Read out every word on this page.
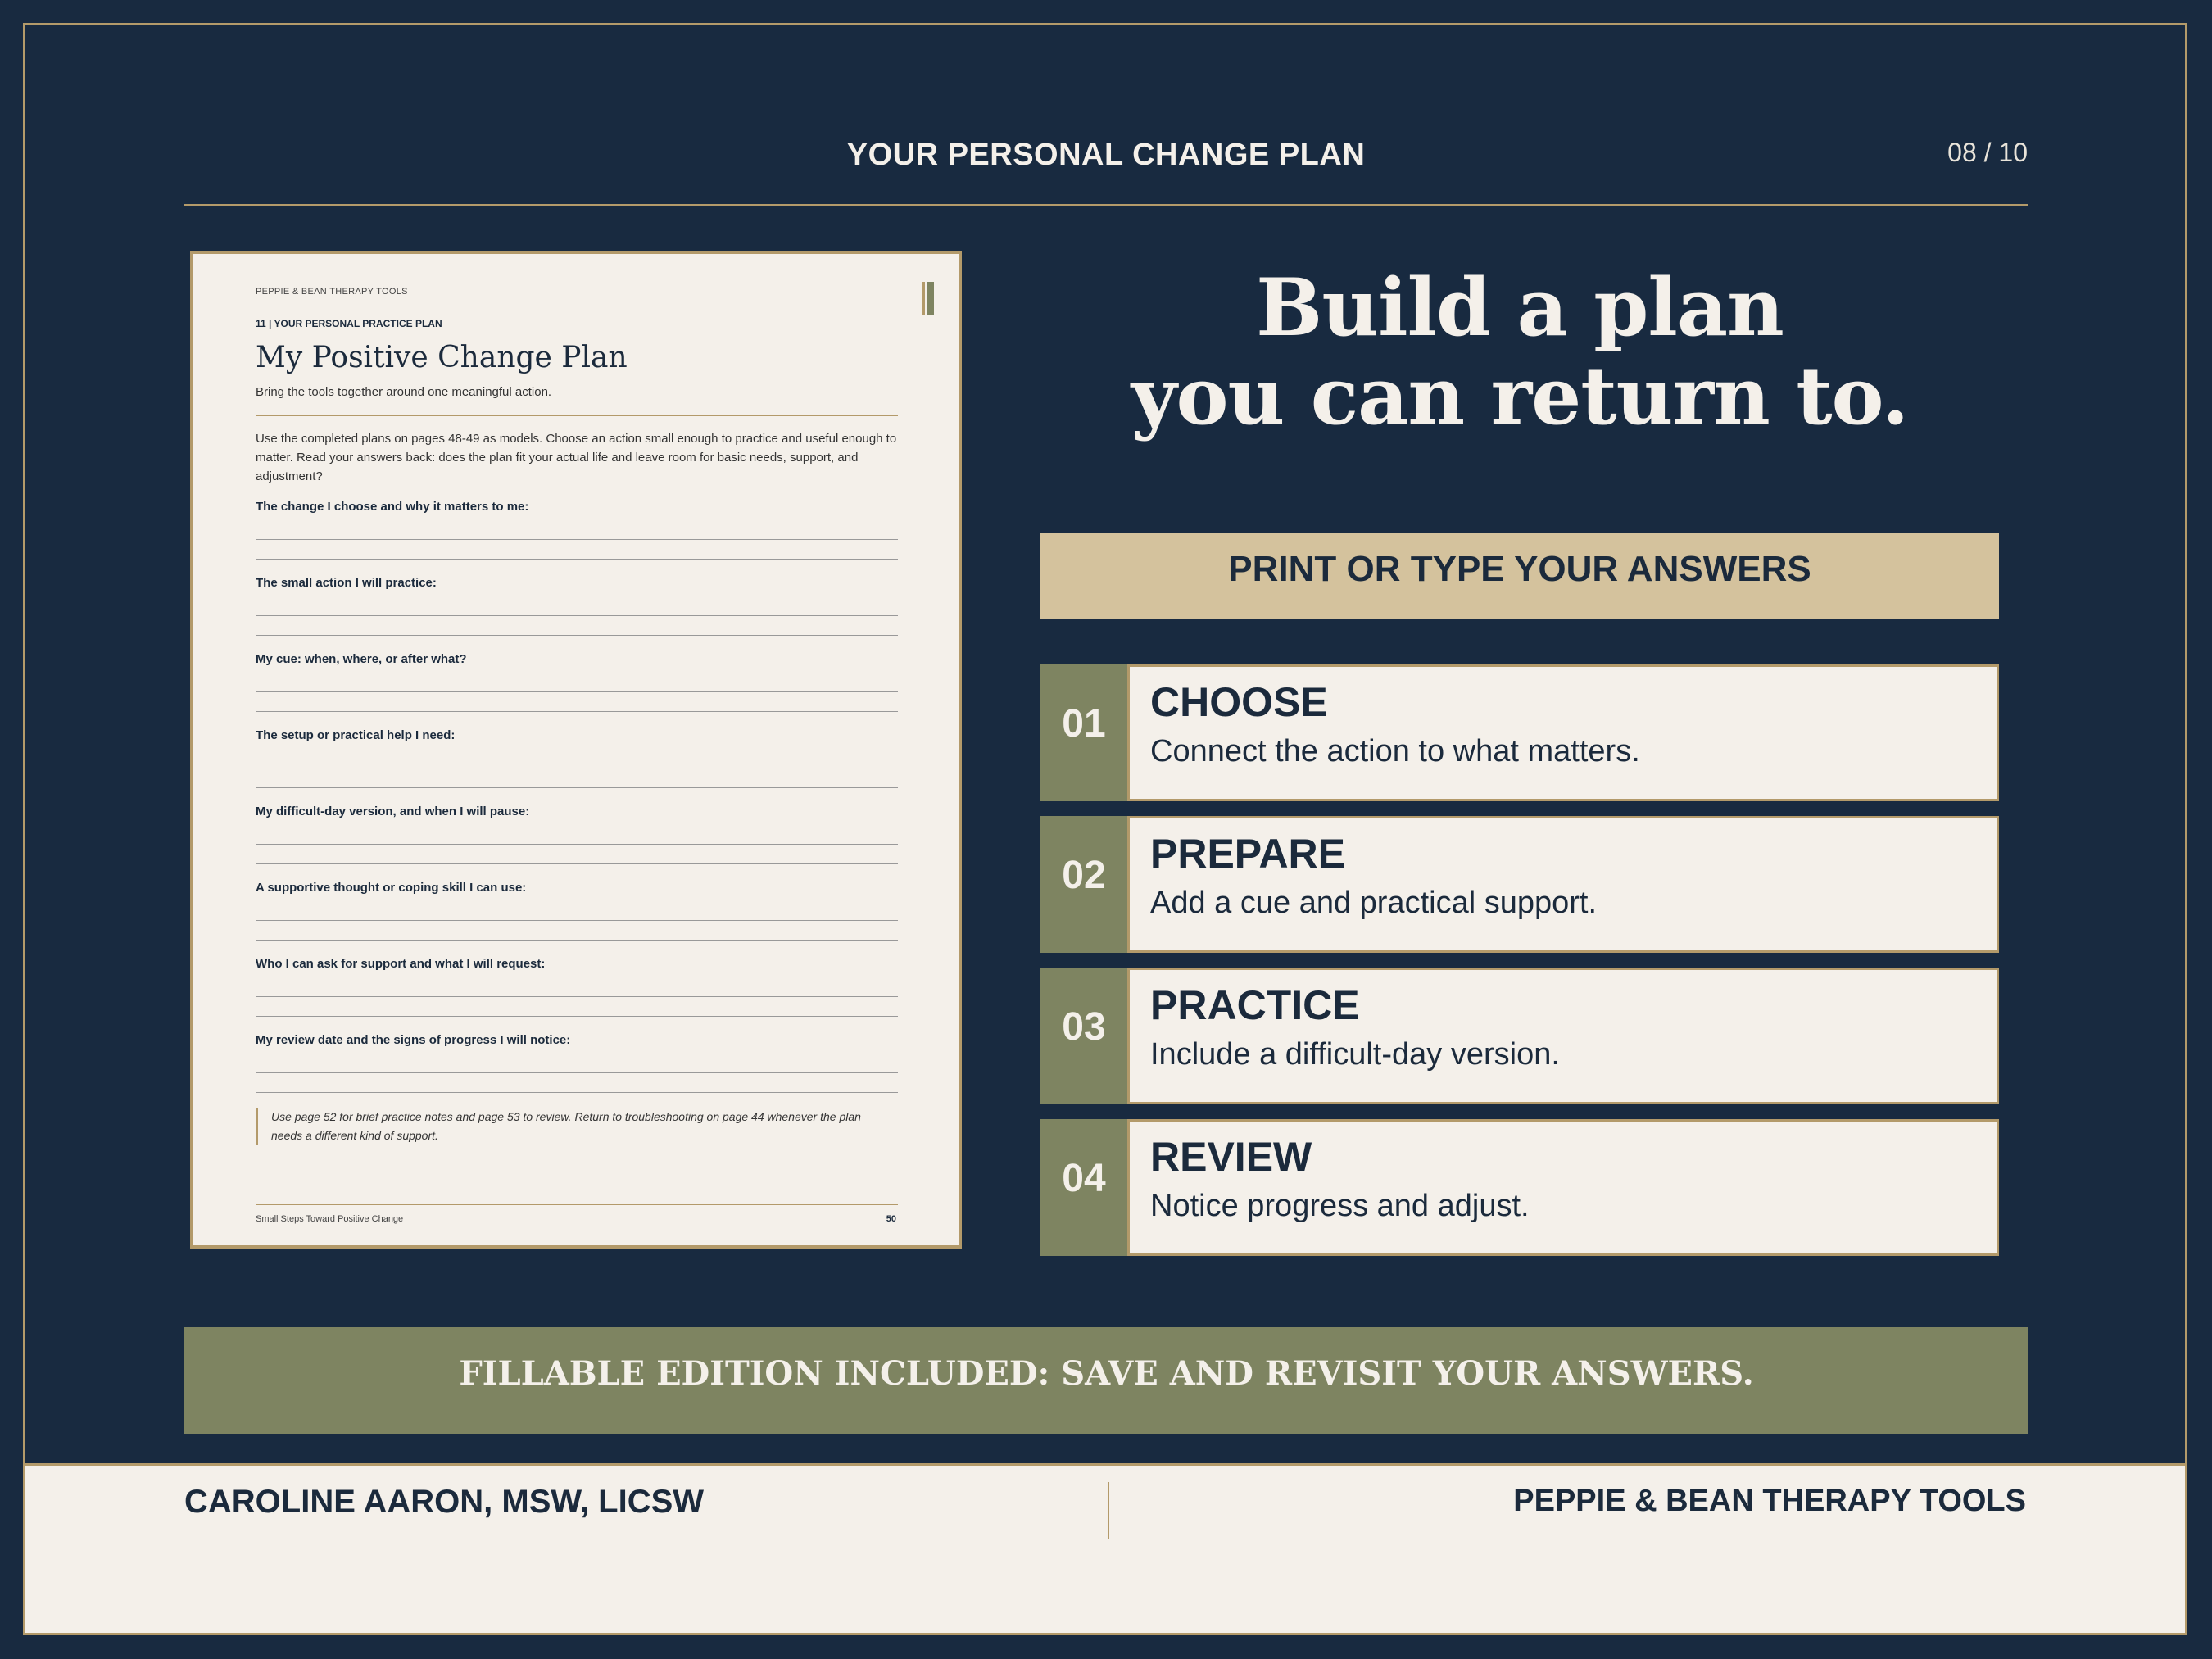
YOUR PERSONAL CHANGE PLAN	08 / 10
PEPPIE & BEAN THERAPY TOOLS
11 | YOUR PERSONAL PRACTICE PLAN
My Positive Change Plan
Bring the tools together around one meaningful action.
Use the completed plans on pages 48-49 as models. Choose an action small enough to practice and useful enough to matter. Read your answers back: does the plan fit your actual life and leave room for basic needs, support, and adjustment?
The change I choose and why it matters to me:
The small action I will practice:
My cue: when, where, or after what?
The setup or practical help I need:
My difficult-day version, and when I will pause:
A supportive thought or coping skill I can use:
Who I can ask for support and what I will request:
My review date and the signs of progress I will notice:
Use page 52 for brief practice notes and page 53 to review. Return to troubleshooting on page 44 whenever the plan needs a different kind of support.
Small Steps Toward Positive Change	50
Build a plan
you can return to.
PRINT OR TYPE YOUR ANSWERS
01	CHOOSE
Connect the action to what matters.
02	PREPARE
Add a cue and practical support.
03	PRACTICE
Include a difficult-day version.
04	REVIEW
Notice progress and adjust.
FILLABLE EDITION INCLUDED: SAVE AND REVISIT YOUR ANSWERS.
CAROLINE AARON, MSW, LICSW	PEPPIE & BEAN THERAPY TOOLS
